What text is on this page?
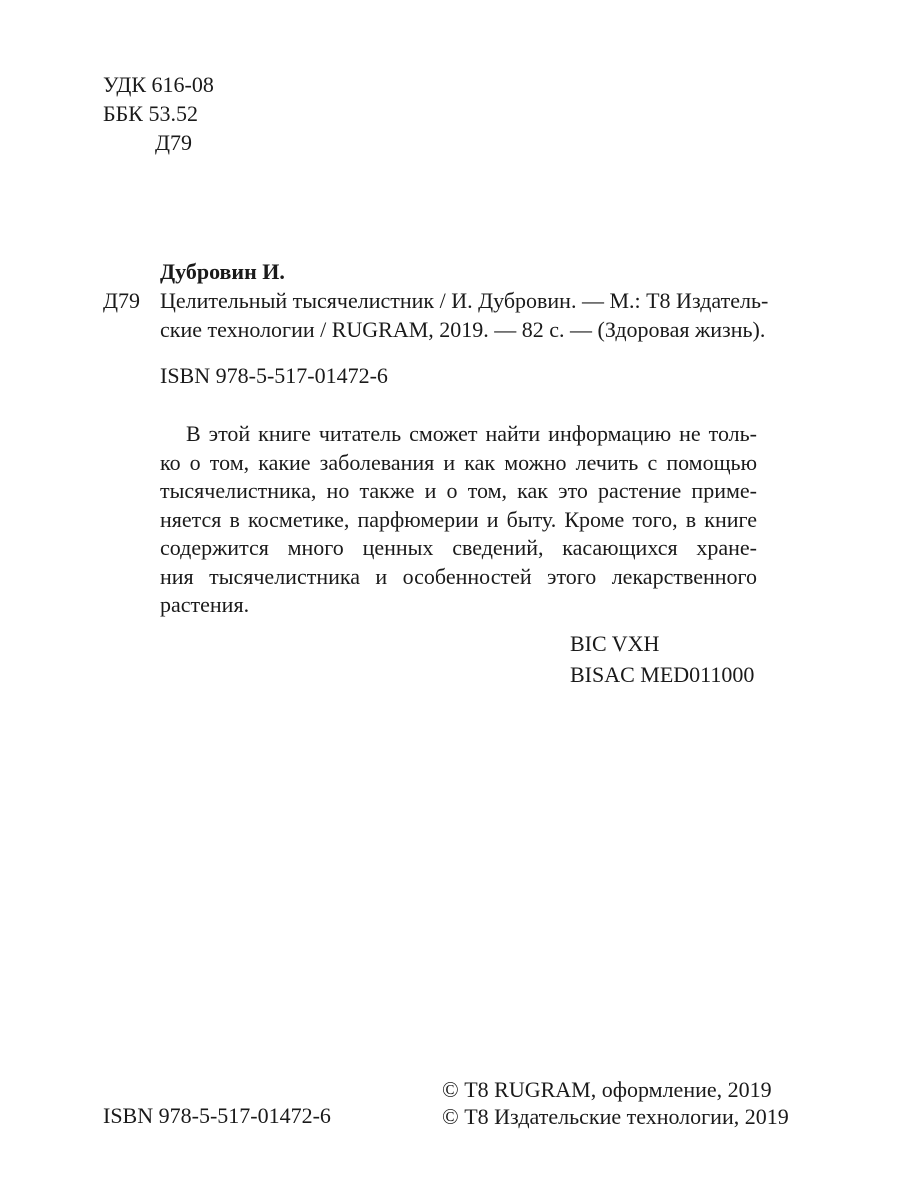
УДК 616-08
ББК 53.52
Д79
Дубровин И.
Д79 Целительный тысячелистник / И. Дубровин. — М.: Т8 Издатель-
ские технологии / RUGRAM, 2019. — 82 с. — (Здоровая жизнь).
ISBN 978-5-517-01472-6
В этой книге читатель сможет найти информацию не толь-
ко о том, какие заболевания и как можно лечить с помощью
тысячелистника, но также и о том, как это растение приме-
няется в косметике, парфюмерии и быту. Кроме того, в книге
содержится много ценных сведений, касающихся хране-
ния тысячелистника и особенностей этого лекарственного
растения.
BIC VXH
BISAC MED011000
ISBN 978-5-517-01472-6
© Т8 RUGRAM, оформление, 2019
© Т8 Издательские технологии, 2019
